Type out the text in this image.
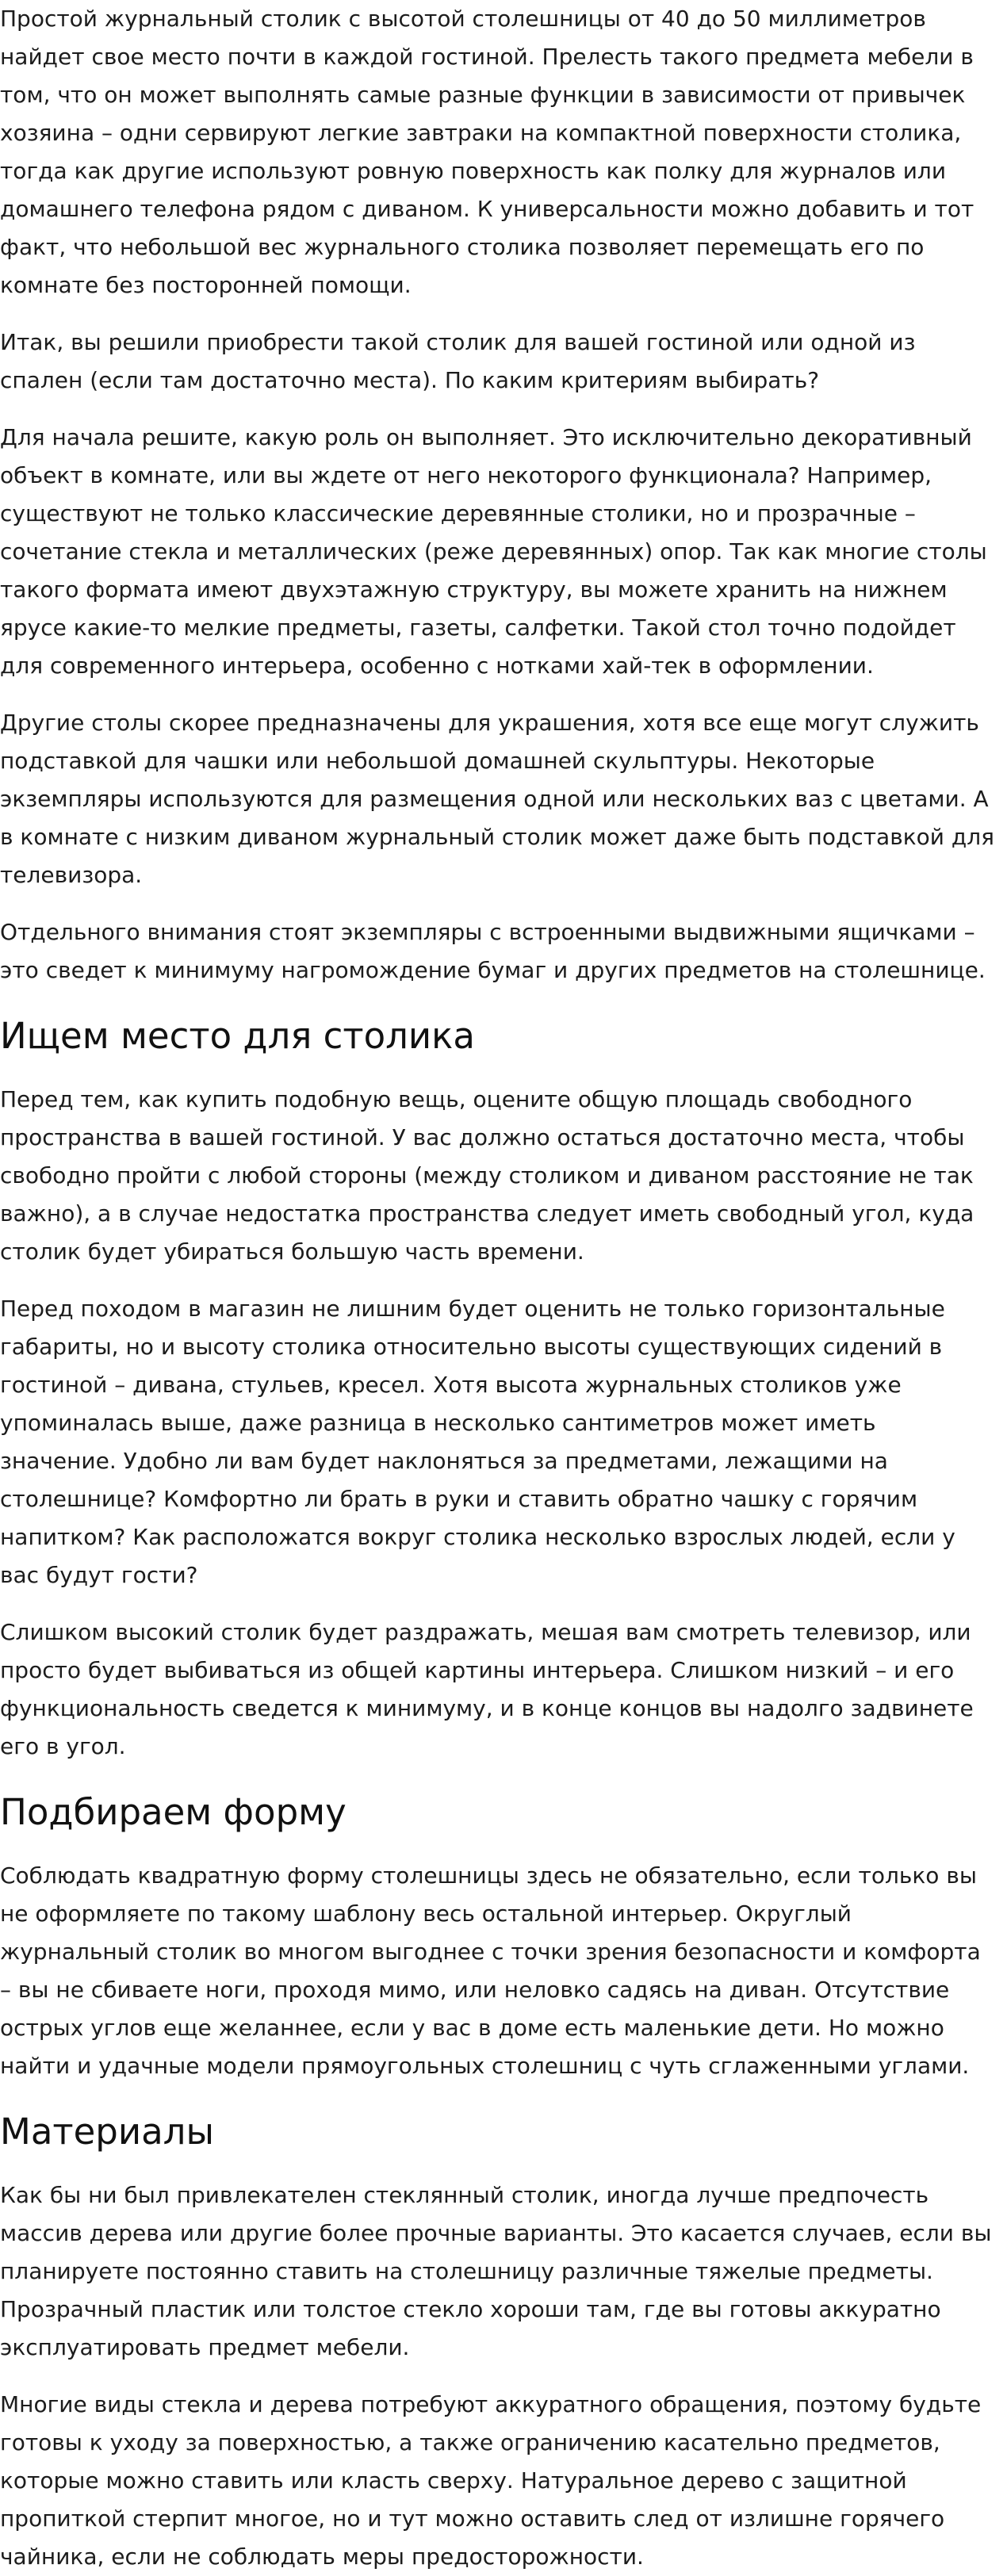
Простой журнальный столик с высотой столешницы от 40 до 50 миллиметров найдет свое место почти в каждой гостиной. Прелесть такого предмета мебели в том, что он может выполнять самые разные функции в зависимости от привычек хозяина – одни сервируют легкие завтраки на компактной поверхности столика, тогда как другие используют ровную поверхность как полку для журналов или домашнего телефона рядом с диваном. К универсальности можно добавить и тот факт, что небольшой вес журнального столика позволяет перемещать его по комнате без посторонней помощи.

Итак, вы решили приобрести такой столик для вашей гостиной или одной из спален (если там достаточно места). По каким критериям выбирать?

Для начала решите, какую роль он выполняет. Это исключительно декоративный объект в комнате, или вы ждете от него некоторого функционала? Например, существуют не только классические деревянные столики, но и прозрачные – сочетание стекла и металлических (реже деревянных) опор. Так как многие столы такого формата имеют двухэтажную структуру, вы можете хранить на нижнем ярусе какие-то мелкие предметы, газеты, салфетки. Такой стол точно подойдет для современного интерьера, особенно с нотками хай-тек в оформлении.

Другие столы скорее предназначены для украшения, хотя все еще могут служить подставкой для чашки или небольшой домашней скульптуры. Некоторые экземпляры используются для размещения одной или нескольких ваз с цветами. А в комнате с низким диваном журнальный столик может даже быть подставкой для телевизора.

Отдельного внимания стоят экземпляры с встроенными выдвижными ящичками – это сведет к минимуму нагромождение бумаг и других предметов на столешнице.

Ищем место для столика

Перед тем, как купить подобную вещь, оцените общую площадь свободного пространства в вашей гостиной. У вас должно остаться достаточно места, чтобы свободно пройти с любой стороны (между столиком и диваном расстояние не так важно), а в случае недостатка пространства следует иметь свободный угол, куда столик будет убираться большую часть времени.

Перед походом в магазин не лишним будет оценить не только горизонтальные габариты, но и высоту столика относительно высоты существующих сидений в гостиной – дивана, стульев, кресел. Хотя высота журнальных столиков уже упоминалась выше, даже разница в несколько сантиметров может иметь значение. Удобно ли вам будет наклоняться за предметами, лежащими на столешнице? Комфортно ли брать в руки и ставить обратно чашку с горячим напитком? Как расположатся вокруг столика несколько взрослых людей, если у вас будут гости?

Слишком высокий столик будет раздражать, мешая вам смотреть телевизор, или просто будет выбиваться из общей картины интерьера. Слишком низкий – и его функциональность сведется к минимуму, и в конце концов вы надолго задвинете его в угол.

Подбираем форму

Соблюдать квадратную форму столешницы здесь не обязательно, если только вы не оформляете по такому шаблону весь остальной интерьер. Округлый журнальный столик во многом выгоднее с точки зрения безопасности и комфорта – вы не сбиваете ноги, проходя мимо, или неловко садясь на диван. Отсутствие острых углов еще желаннее, если у вас в доме есть маленькие дети. Но можно найти и удачные модели прямоугольных столешниц с чуть сглаженными углами.

Материалы

Как бы ни был привлекателен стеклянный столик, иногда лучше предпочесть массив дерева или другие более прочные варианты. Это касается случаев, если вы планируете постоянно ставить на столешницу различные тяжелые предметы. Прозрачный пластик или толстое стекло хороши там, где вы готовы аккуратно эксплуатировать предмет мебели.

Многие виды стекла и дерева потребуют аккуратного обращения, поэтому будьте готовы к уходу за поверхностью, а также ограничению касательно предметов, которые можно ставить или класть сверху. Натуральное дерево с защитной пропиткой стерпит многое, но и тут можно оставить след от излишне горячего чайника, если не соблюдать меры предосторожности.
